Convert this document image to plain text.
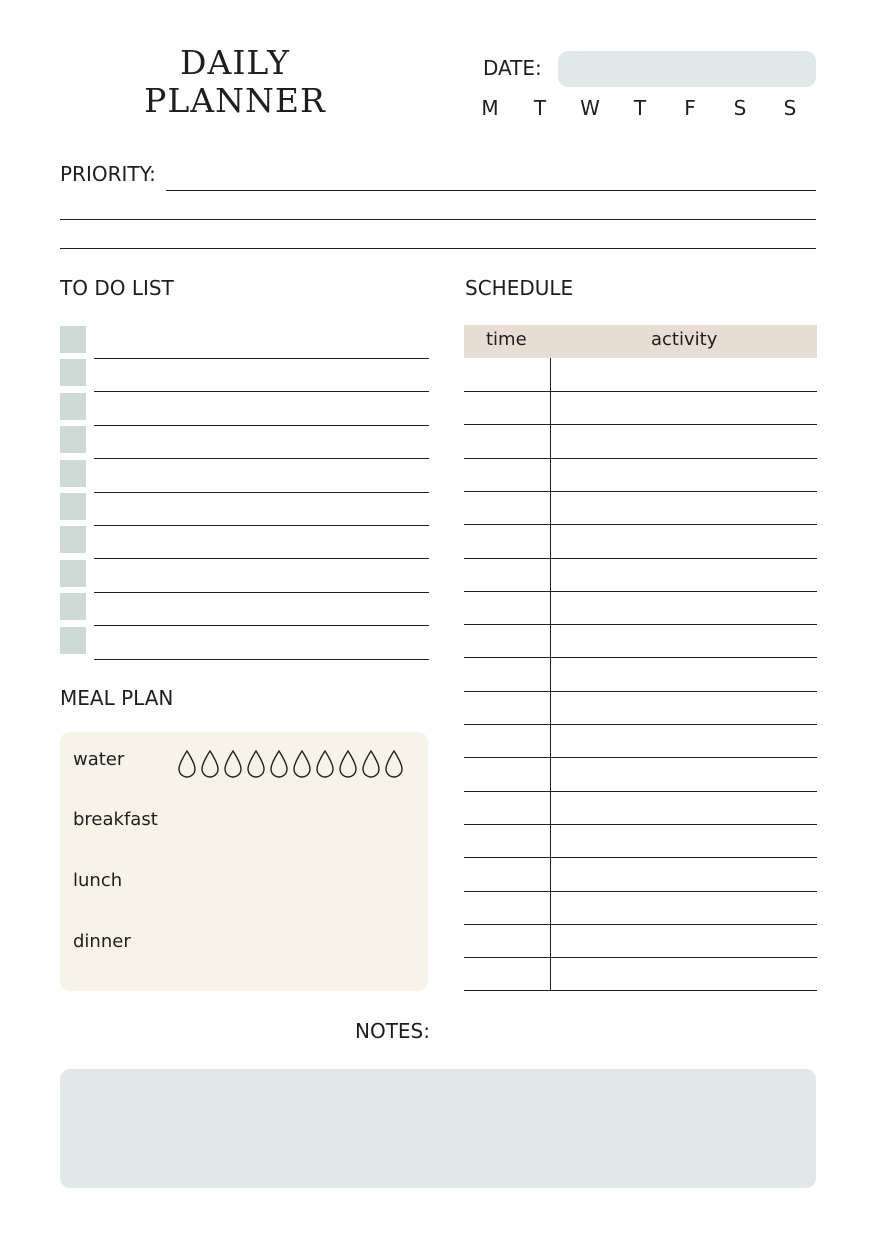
DAILY
PLANNER
DATE:
M	T	W	T	F	S	S
PRIORITY:
TO DO LIST	SCHEDULE
time	activity
MEAL PLAN
water
breakfast
lunch
dinner
NOTES:
